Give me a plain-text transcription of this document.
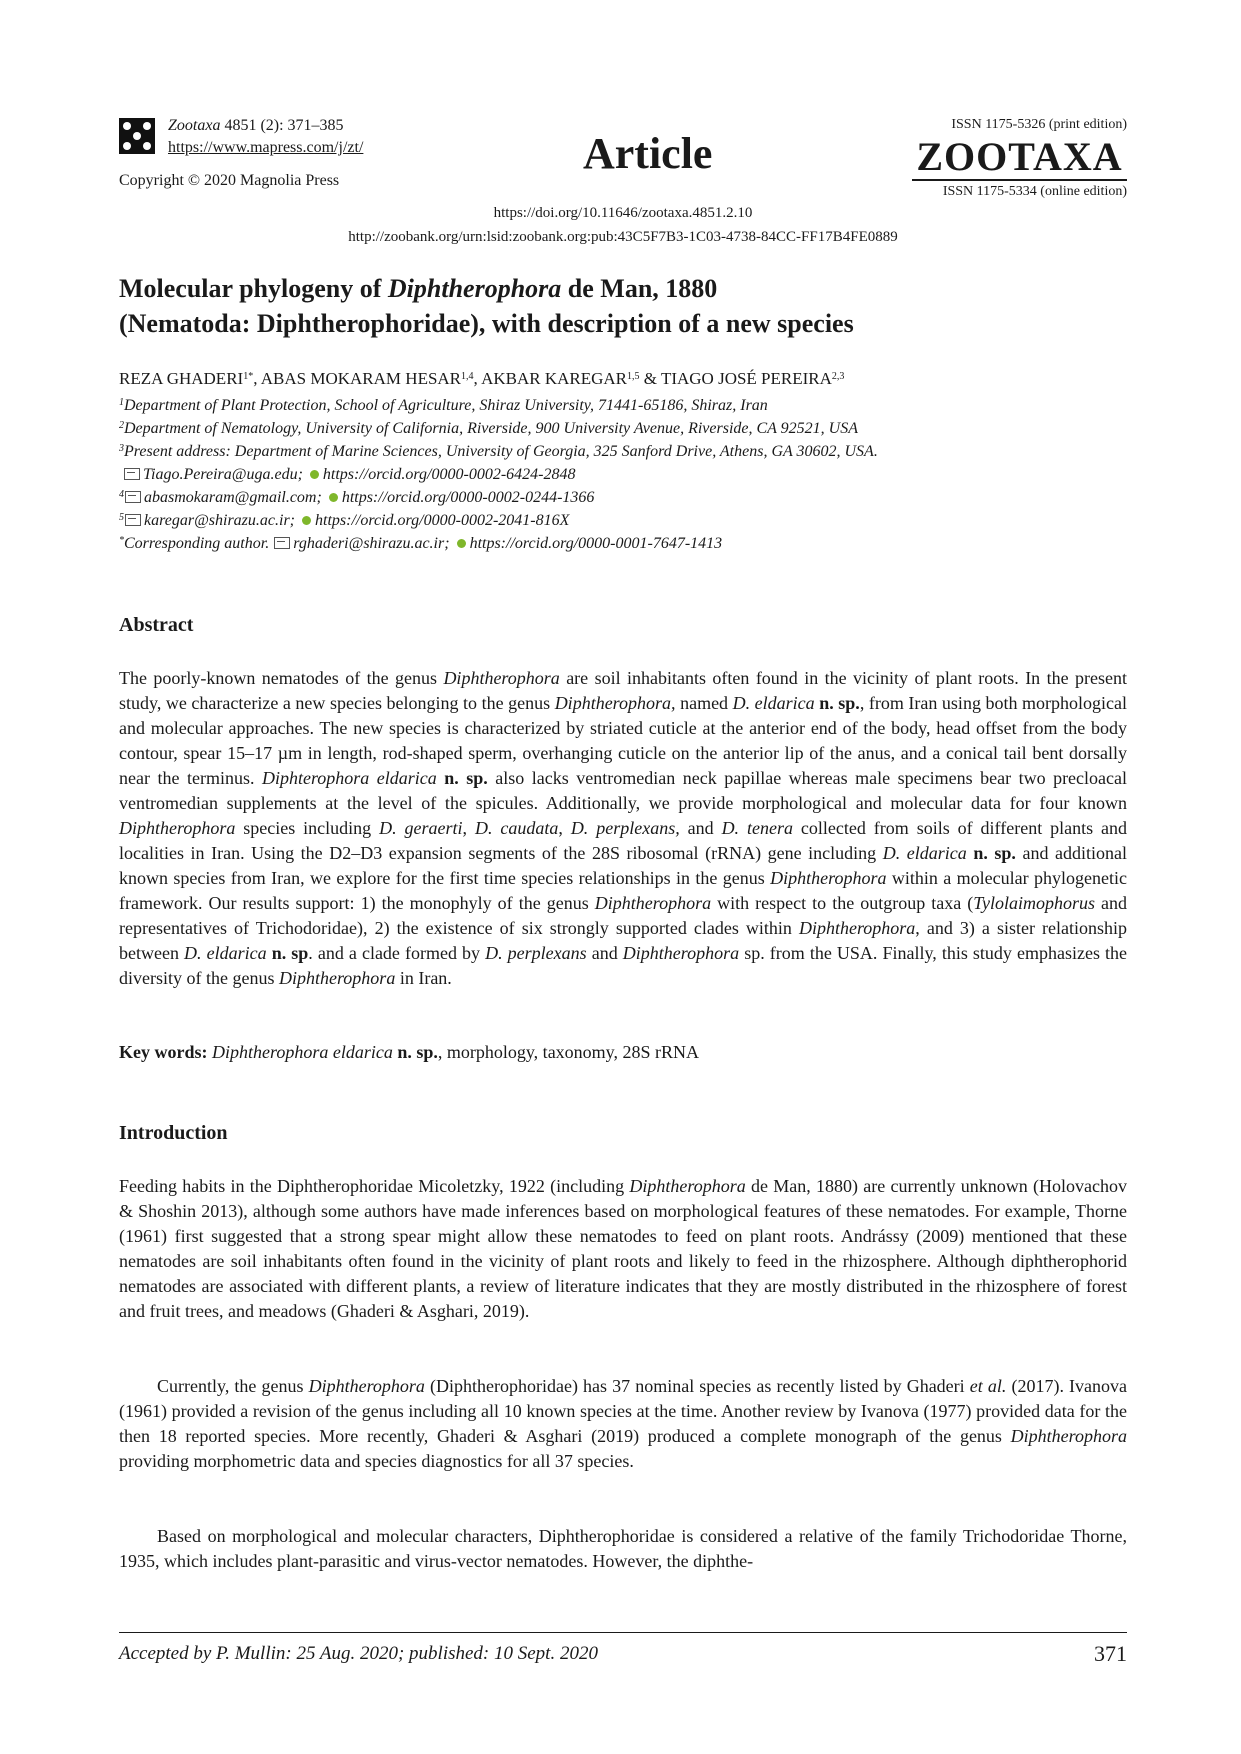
Zootaxa 4851 (2): 371–385
https://www.mapress.com/j/zt/
Copyright © 2020 Magnolia Press
Article
ISSN 1175-5326 (print edition)
ZOOTAXA
ISSN 1175-5334 (online edition)
https://doi.org/10.11646/zootaxa.4851.2.10
http://zoobank.org/urn:lsid:zoobank.org:pub:43C5F7B3-1C03-4738-84CC-FF17B4FE0889
Molecular phylogeny of Diphtherophora de Man, 1880
(Nematoda: Diphtherophoridae), with description of a new species
REZA $GHADERI^{1*}$, ABAS MOKARAM HESAR$^{1,4}$, AKBAR KAREGAR$^{1,5}$ & TIAGO JOSÉ PEREIRA$^{2,3}$
$^1$Department of Plant Protection, School of Agriculture, Shiraz University, 71441-65186, Shiraz, Iran
$^2$Department of Nematology, University of California, Riverside, 900 University Avenue, Riverside, CA 92521, USA
$^3$Present address: Department of Marine Sciences, University of Georgia, 325 Sanford Drive, Athens, GA 30602, USA.
Tiago.Pereira@uga.edu; https://orcid.org/0000-0002-6424-2848
$^4$ abasmokaram@gmail.com; https://orcid.org/0000-0002-0244-1366
$^5$ karegar@shirazu.ac.ir; https://orcid.org/0000-0002-2041-816X
*Corresponding author. rghaderi@shirazu.ac.ir; https://orcid.org/0000-0001-7647-1413
Abstract
The poorly-known nematodes of the genus Diphtherophora are soil inhabitants often found in the vicinity of plant roots. In the present study, we characterize a new species belonging to the genus Diphtherophora, named D. eldarica n. sp., from Iran using both morphological and molecular approaches. The new species is characterized by striated cuticle at the anterior end of the body, head offset from the body contour, spear 15–17 µm in length, rod-shaped sperm, overhanging cuticle on the anterior lip of the anus, and a conical tail bent dorsally near the terminus. Diphterophora eldarica n. sp. also lacks ventromedian neck papillae whereas male specimens bear two precloacal ventromedian supplements at the level of the spicules. Additionally, we provide morphological and molecular data for four known Diphtherophora species including D. geraerti, D. caudata, D. perplexans, and D. tenera collected from soils of different plants and localities in Iran. Using the D2–D3 expansion segments of the 28S ribosomal (rRNA) gene including D. eldarica n. sp. and additional known species from Iran, we explore for the first time species relationships in the genus Diphtherophora within a molecular phylogenetic framework. Our results support: 1) the monophyly of the genus Diphtherophora with respect to the outgroup taxa (Tylolaimophorus and representatives of Trichodoridae), 2) the existence of six strongly supported clades within Diphtherophora, and 3) a sister relationship between D. eldarica n. sp. and a clade formed by D. perplexans and Diphtherophora sp. from the USA. Finally, this study emphasizes the diversity of the genus Diphtherophora in Iran.
Key words: Diphtherophora eldarica n. sp., morphology, taxonomy, 28S rRNA
Introduction
Feeding habits in the Diphtherophoridae Micoletzky, 1922 (including Diphtherophora de Man, 1880) are currently unknown (Holovachov & Shoshin 2013), although some authors have made inferences based on morphological features of these nematodes. For example, Thorne (1961) first suggested that a strong spear might allow these nematodes to feed on plant roots. Andrássy (2009) mentioned that these nematodes are soil inhabitants often found in the vicinity of plant roots and likely to feed in the rhizosphere. Although diphtherophorid nematodes are associated with different plants, a review of literature indicates that they are mostly distributed in the rhizosphere of forest and fruit trees, and meadows (Ghaderi & Asghari, 2019).
Currently, the genus Diphtherophora (Diphtherophoridae) has 37 nominal species as recently listed by Ghaderi et al. (2017). Ivanova (1961) provided a revision of the genus including all 10 known species at the time. Another review by Ivanova (1977) provided data for the then 18 reported species. More recently, Ghaderi & Asghari (2019) produced a complete monograph of the genus Diphtherophora providing morphometric data and species diagnostics for all 37 species.
Based on morphological and molecular characters, Diphtherophoridae is considered a relative of the family Trichodoridae Thorne, 1935, which includes plant-parasitic and virus-vector nematodes. However, the diphthe-
Accepted by P. Mullin: 25 Aug. 2020; published: 10 Sept. 2020	371
